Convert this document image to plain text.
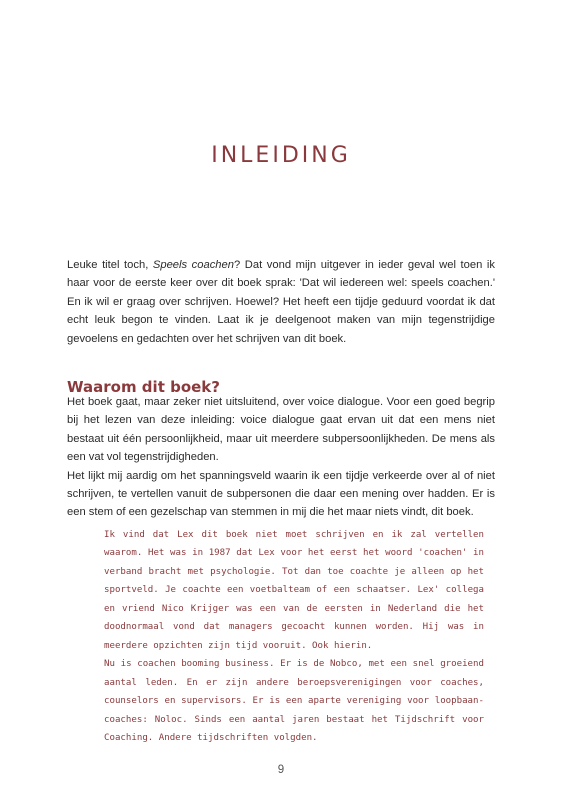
INLEIDING

Leuke titel toch, Speels coachen? Dat vond mijn uitgever in ieder geval wel toen ik haar voor de eerste keer over dit boek sprak: 'Dat wil iedereen wel: speels coachen.' En ik wil er graag over schrijven. Hoewel? Het heeft een tijdje geduurd voordat ik dat echt leuk begon te vinden. Laat ik je deelgenoot maken van mijn tegenstrijdige gevoelens en gedachten over het schrijven van dit boek.

Waarom dit boek?

Het boek gaat, maar zeker niet uitsluitend, over voice dialogue. Voor een goed begrip bij het lezen van deze inleiding: voice dialogue gaat ervan uit dat een mens niet bestaat uit één persoonlijkheid, maar uit meerdere subpersoonlijkheden. De mens als een vat vol tegenstrijdigheden.

Het lijkt mij aardig om het spanningsveld waarin ik een tijdje verkeerde over al of niet schrijven, te vertellen vanuit de subpersonen die daar een mening over hadden. Er is een stem of een gezelschap van stemmen in mij die het maar niets vindt, dit boek.

Ik vind dat Lex dit boek niet moet schrijven en ik zal vertellen waarom. Het was in 1987 dat Lex voor het eerst het woord 'coachen' in verband bracht met psychologie. Tot dan toe coachte je alleen op het sportveld. Je coachte een voetbalteam of een schaatser. Lex' collega en vriend Nico Krijger was een van de eersten in Nederland die het doodnormaal vond dat managers gecoacht kunnen worden. Hij was in meerdere opzichten zijn tijd vooruit. Ook hierin.

Nu is coachen booming business. Er is de Nobco, met een snel groeiend aantal leden. En er zijn andere beroepsverenigingen voor coaches, counselors en supervisors. Er is een aparte vereniging voor loopbaan-coaches: Noloc. Sinds een aantal jaren bestaat het Tijdschrift voor Coaching. Andere tijdschriften volgden.

9
